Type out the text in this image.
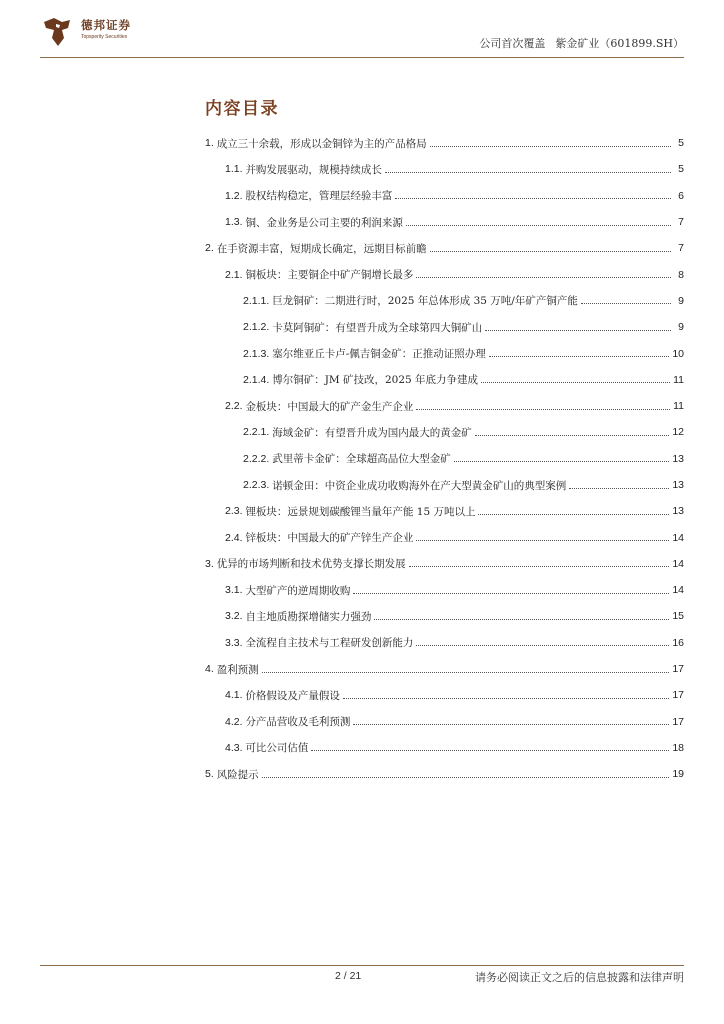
德邦证券
Topsperity Securities	公司首次覆盖 紫金矿业（601899.SH）
内容目录
1. 成立三十余载，形成以金铜锌为主的产品格局	5
1.1. 并购发展驱动，规模持续成长	5
1.2. 股权结构稳定，管理层经验丰富	6
1.3. 铜、金业务是公司主要的利润来源	7
2. 在手资源丰富，短期成长确定，远期目标前瞻	7
2.1. 铜板块：主要铜企中矿产铜增长最多	8
2.1.1. 巨龙铜矿：二期进行时，2025 年总体形成 35 万吨/年矿产铜产能	9
2.1.2. 卡莫阿铜矿：有望晋升成为全球第四大铜矿山	9
2.1.3. 塞尔维亚丘卡卢-佩吉铜金矿：正推动证照办理	10
2.1.4. 博尔铜矿：JM 矿技改，2025 年底力争建成	11
2.2. 金板块：中国最大的矿产金生产企业	11
2.2.1. 海域金矿：有望晋升成为国内最大的黄金矿	12
2.2.2. 武里蒂卡金矿：全球超高品位大型金矿	13
2.2.3. 诺顿金田：中资企业成功收购海外在产大型黄金矿山的典型案例	13
2.3. 锂板块：远景规划碳酸锂当量年产能 15 万吨以上	13
2.4. 锌板块：中国最大的矿产锌生产企业	14
3. 优异的市场判断和技术优势支撑长期发展	14
3.1. 大型矿产的逆周期收购	14
3.2. 自主地质勘探增储实力强劲	15
3.3. 全流程自主技术与工程研发创新能力	16
4. 盈利预测	17
4.1. 价格假设及产量假设	17
4.2. 分产品营收及毛利预测	17
4.3. 可比公司估值	18
5. 风险提示	19
2 / 21	请务必阅读正文之后的信息披露和法律声明
